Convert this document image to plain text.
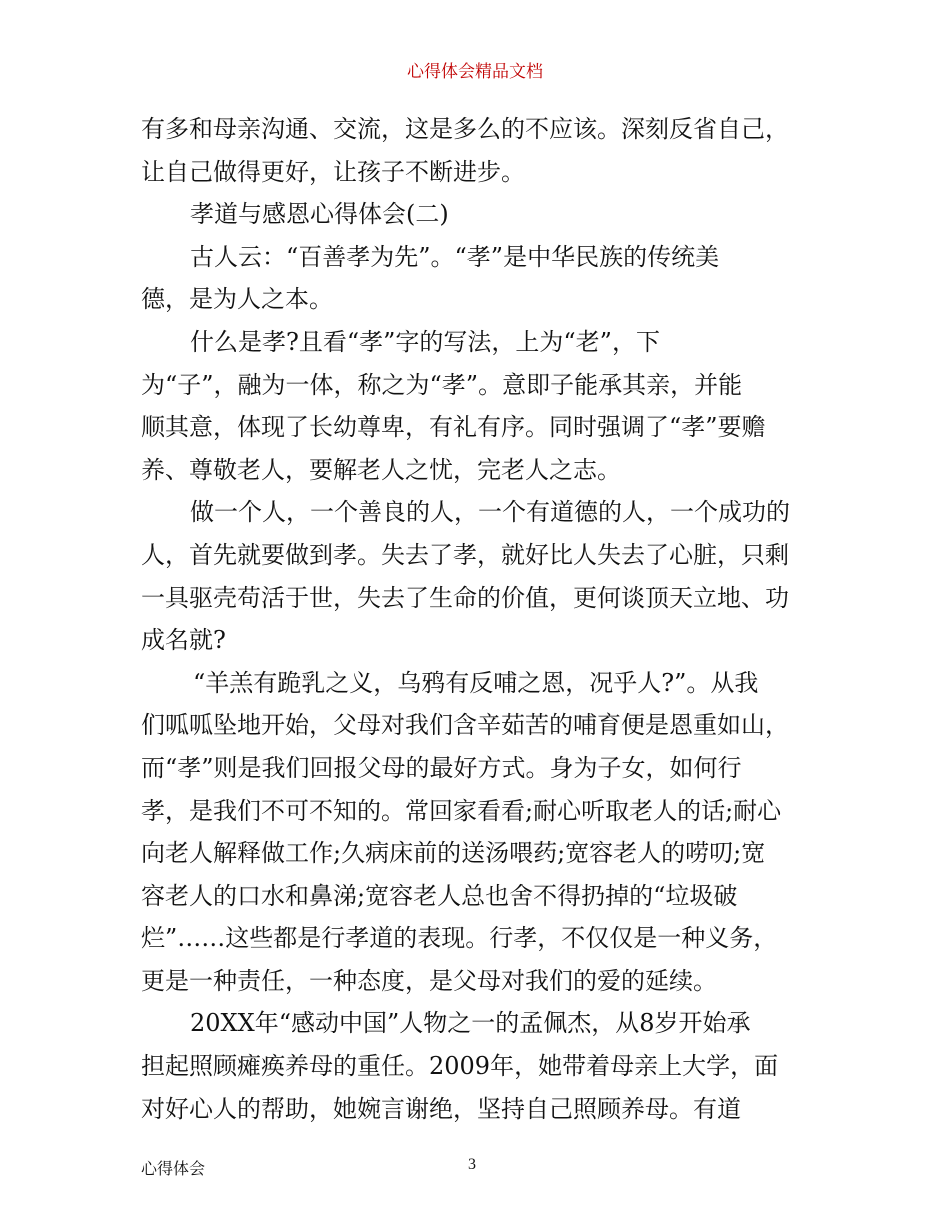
心得体会精品文档
有多和母亲沟通、交流，这是多么的不应该。深刻反省自己，
让自己做得更好，让孩子不断进步。
孝道与感恩心得体会(二)
古人云：“百善孝为先”。“孝”是中华民族的传统美
德，是为人之本。
什么是孝?且看“孝”字的写法，上为“老”，下
为“子”，融为一体，称之为“孝”。意即子能承其亲，并能
顺其意，体现了长幼尊卑，有礼有序。同时强调了“孝”要赡
养、尊敬老人，要解老人之忧，完老人之志。
做一个人，一个善良的人，一个有道德的人，一个成功的
人，首先就要做到孝。失去了孝，就好比人失去了心脏，只剩
一具驱壳苟活于世，失去了生命的价值，更何谈顶天立地、功
成名就?
“羊羔有跪乳之义，乌鸦有反哺之恩，况乎人?”。从我
们呱呱坠地开始，父母对我们含辛茹苦的哺育便是恩重如山，
而“孝”则是我们回报父母的最好方式。身为子女，如何行
孝，是我们不可不知的。常回家看看;耐心听取老人的话;耐心
向老人解释做工作;久病床前的送汤喂药;宽容老人的唠叨;宽
容老人的口水和鼻涕;宽容老人总也舍不得扔掉的“垃圾破
烂”……这些都是行孝道的表现。行孝，不仅仅是一种义务，
更是一种责任，一种态度，是父母对我们的爱的延续。
20XX年“感动中国”人物之一的孟佩杰，从8岁开始承
担起照顾瘫痪养母的重任。2009年，她带着母亲上大学，面
对好心人的帮助，她婉言谢绝，坚持自己照顾养母。有道
心得体会	3
